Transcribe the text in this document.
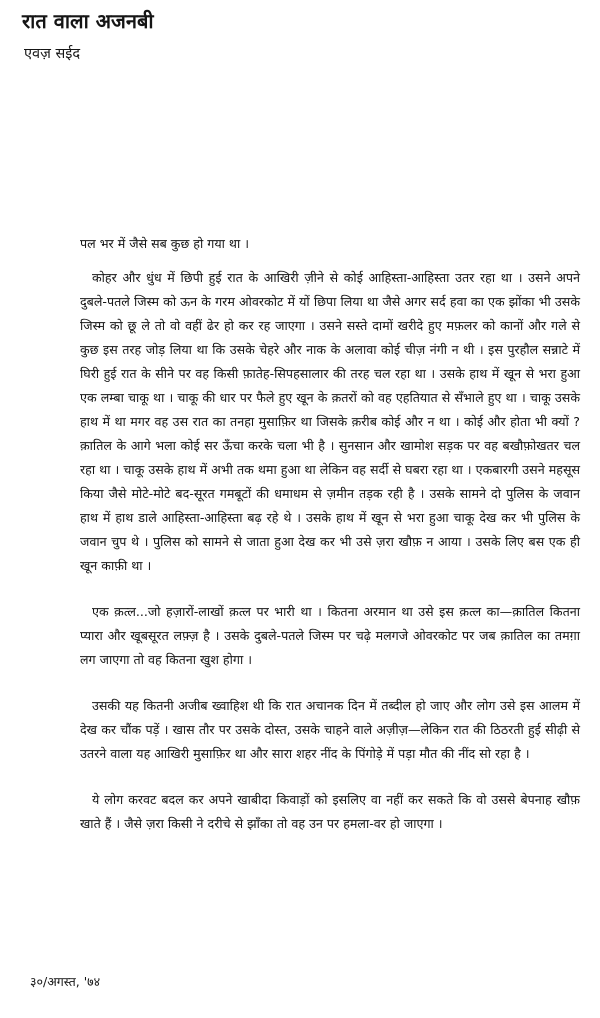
रात वाला अजनबी
एवज़ सईद

पल भर में जैसे सब कुछ हो गया था ।

कोहर और धुंध में छिपी हुई रात के आखिरी ज़ीने से कोई आहिस्ता-आहिस्ता उतर रहा था । उसने अपने दुबले-पतले जिस्म को ऊन के गरम ओवरकोट में यों छिपा लिया था जैसे अगर सर्द हवा का एक झोंका भी उसके जिस्म को छू ले तो वो वहीं ढेर हो कर रह जाएगा । उसने सस्ते दामों खरीदे हुए मफ़लर को कानों और गले से कुछ इस तरह जोड़ लिया था कि उसके चेहरे और नाक के अलावा कोई चीज़ नंगी न थी । इस पुरहौल सन्नाटे में घिरी हुई रात के सीने पर वह किसी फ़ातेह-सिपहसालार की तरह चल रहा था । उसके हाथ में खून से भरा हुआ एक लम्बा चाकू था । चाकू की धार पर फैले हुए खून के क़तरों को वह एहतियात से सँभाले हुए था । चाकू उसके हाथ में था मगर वह उस रात का तनहा मुसाफ़िर था जिसके क़रीब कोई और न था । कोई और होता भी क्यों ? क़ातिल के आगे भला कोई सर ऊँचा करके चला भी है । सुनसान और खामोश सड़क पर वह बखौफ़ोखतर चल रहा था । चाकू उसके हाथ में अभी तक थमा हुआ था लेकिन वह सर्दी से घबरा रहा था । एकबारगी उसने महसूस किया जैसे मोटे-मोटे बद-सूरत गमबूटों की धमाधम से ज़मीन तड़क रही है । उसके सामने दो पुलिस के जवान हाथ में हाथ डाले आहिस्ता-आहिस्ता बढ़ रहे थे । उसके हाथ में खून से भरा हुआ चाकू देख कर भी पुलिस के जवान चुप थे । पुलिस को सामने से जाता हुआ देख कर भी उसे ज़रा खौफ़ न आया । उसके लिए बस एक ही खून काफ़ी था ।

एक क़त्ल...जो हज़ारों-लाखों क़त्ल पर भारी था । कितना अरमान था उसे इस क़त्ल का—क़ातिल कितना प्यारा और खूबसूरत लफ़्ज़ है । उसके दुबले-पतले जिस्म पर चढ़े मलगजे ओवरकोट पर जब क़ातिल का तमग़ा लग जाएगा तो वह कितना खुश होगा ।

उसकी यह कितनी अजीब ख्वाहिश थी कि रात अचानक दिन में तब्दील हो जाए और लोग उसे इस आलम में देख कर चौंक पड़ें । खास तौर पर उसके दोस्त, उसके चाहने वाले अज़ीज़—लेकिन रात की ठिठरती हुई सीढ़ी से उतरने वाला यह आखिरी मुसाफ़िर था और सारा शहर नींद के पिंगोड़े में पड़ा मौत की नींद सो रहा है ।

ये लोग करवट बदल कर अपने खाबीदा किवाड़ों को इसलिए वा नहीं कर सकते कि वो उससे बेपनाह खौफ़ खाते हैं । जैसे ज़रा किसी ने दरीचे से झाँका तो वह उन पर हमला-वर हो जाएगा ।

३०/अगस्त, '७४
